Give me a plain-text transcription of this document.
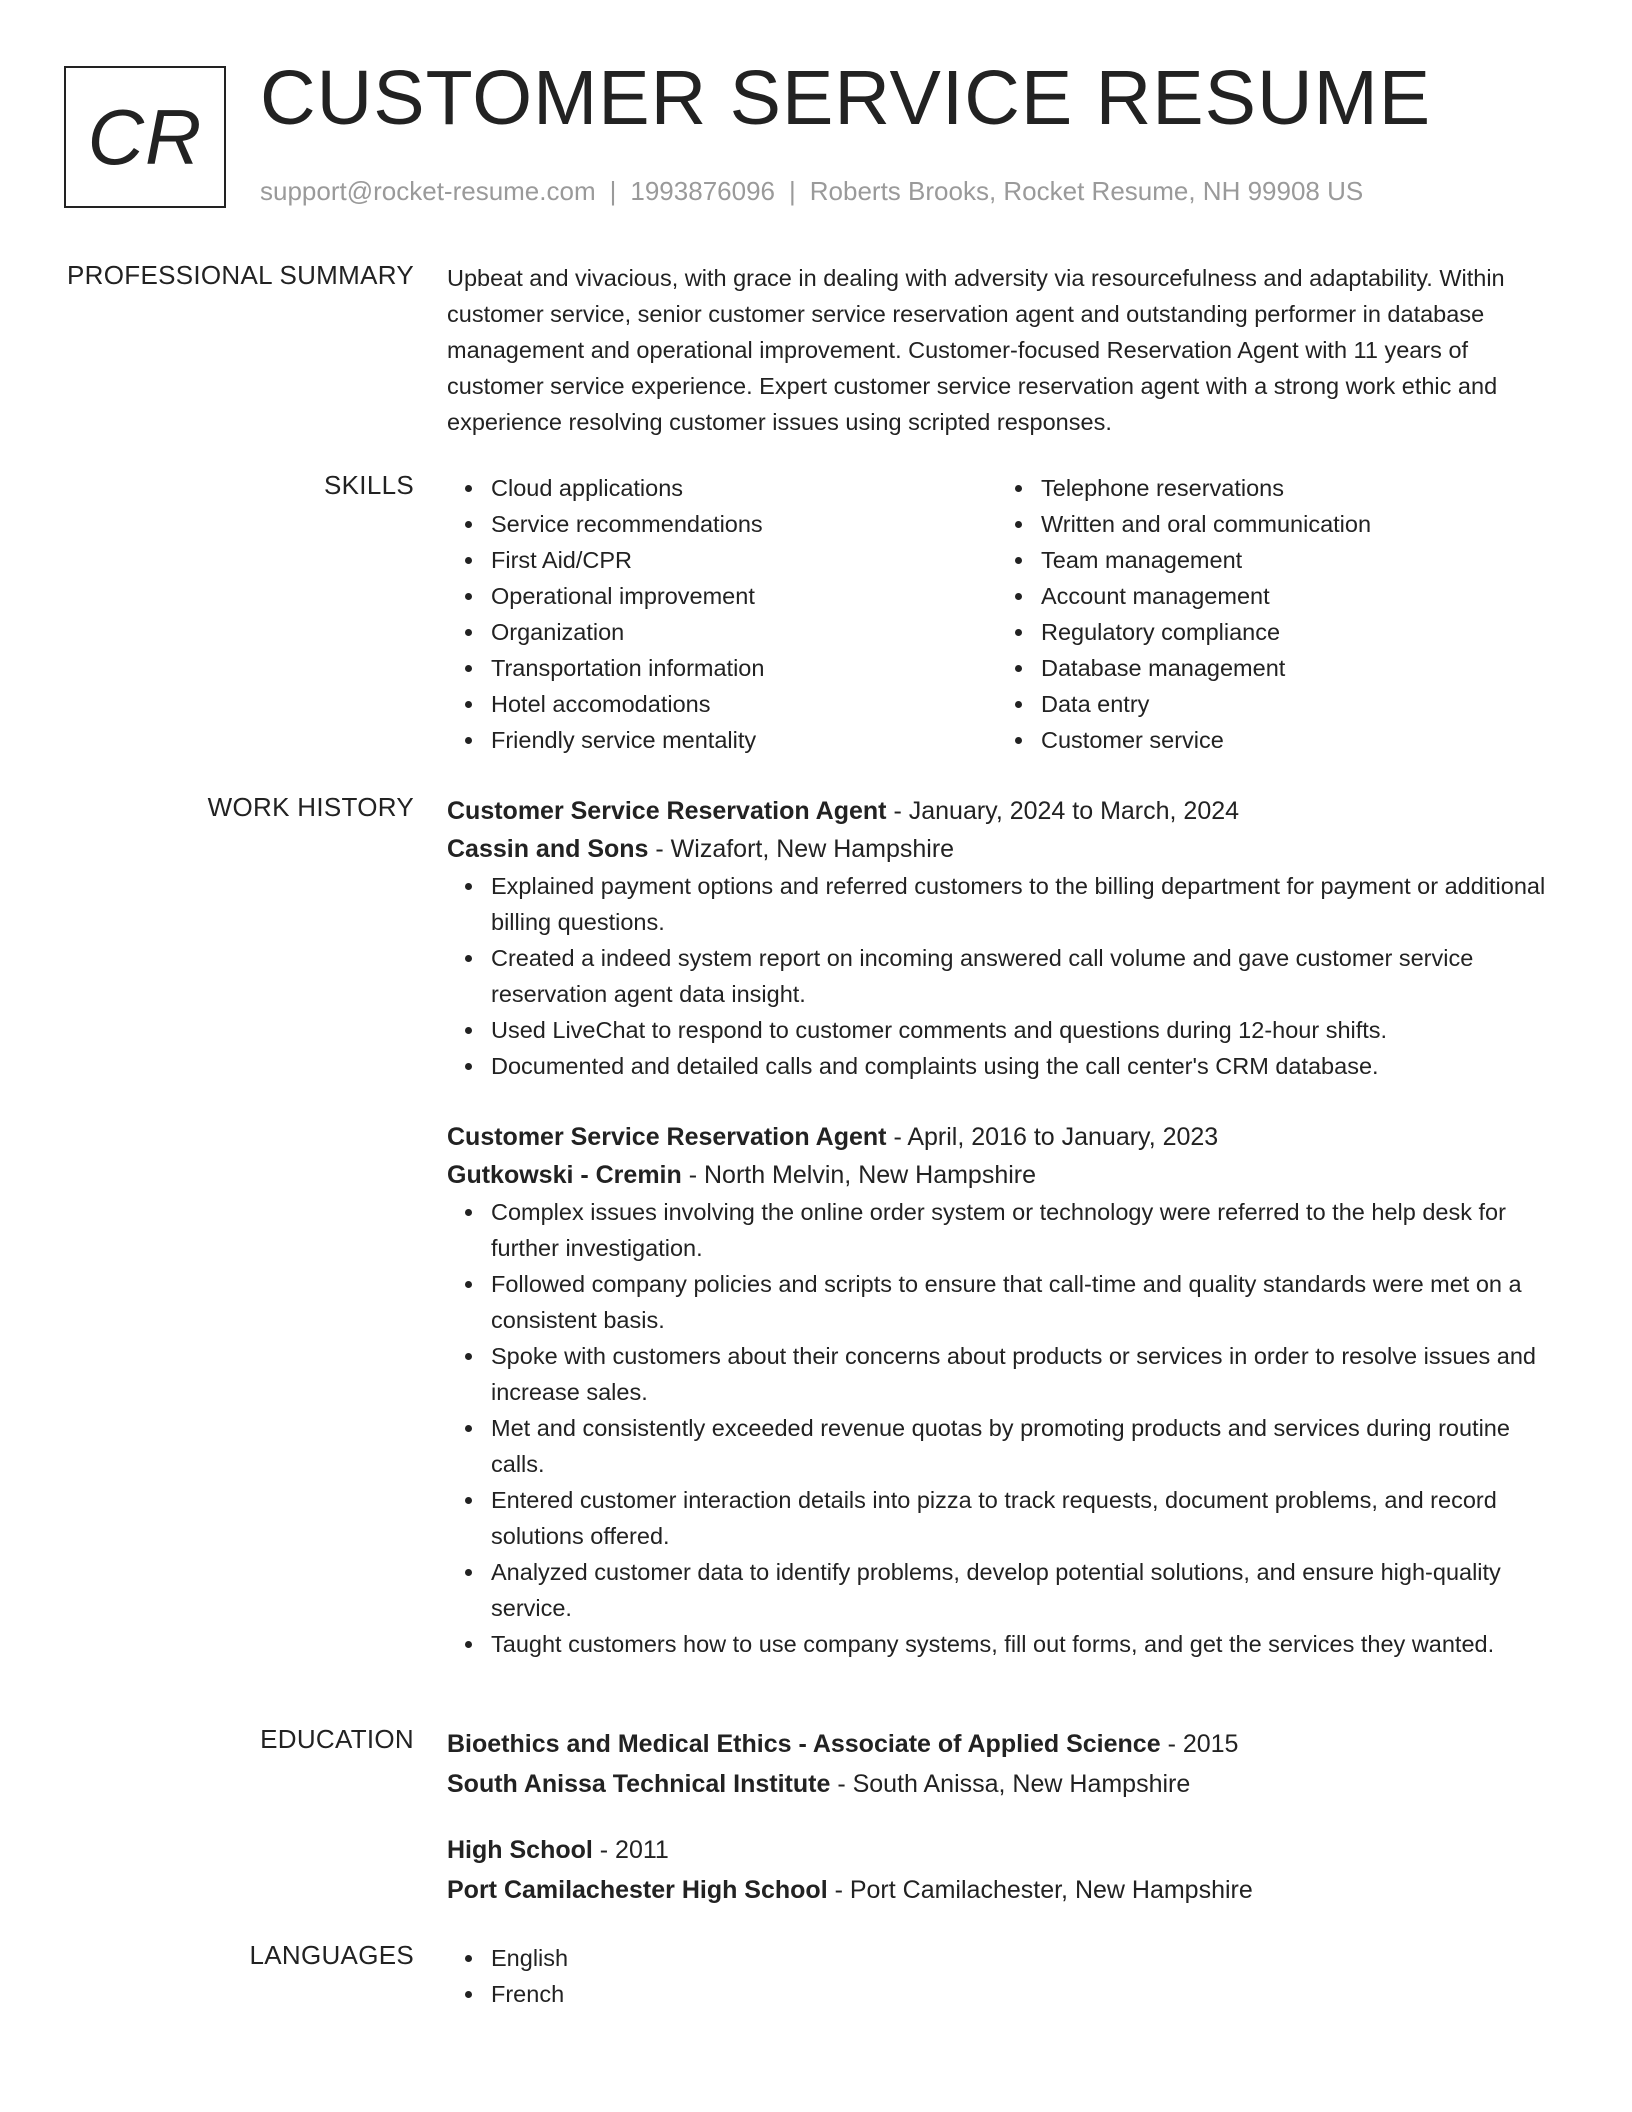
CR CUSTOMER SERVICE RESUME
support@rocket-resume.com | 1993876096 | Roberts Brooks, Rocket Resume, NH 99908 US
PROFESSIONAL SUMMARY Upbeat and vivacious, with grace in dealing with adversity via resourcefulness and adaptability. Within customer service, senior customer service reservation agent and outstanding performer in database management and operational improvement. Customer-focused Reservation Agent with 11 years of customer service experience. Expert customer service reservation agent with a strong work ethic and experience resolving customer issues using scripted responses.

SKILLS	Cloud applications
Service recommendations
First Aid/CPR
Operational improvement
Organization
Transportation information
Hotel accomodations
Friendly service mentality
Telephone reservations
Written and oral communication
Team management
Account management
Regulatory compliance
Database management
Data entry
Customer service
WORK HISTORY Customer Service Reservation Agent - January, 2024 to March, 2024
Cassin and Sons - Wizafort, New Hampshire
Explained payment options and referred customers to the billing department for payment or additional billing questions.
Created a indeed system report on incoming answered call volume and gave customer service reservation agent data insight.
Used LiveChat to respond to customer comments and questions during 12-hour shifts.
Documented and detailed calls and complaints using the call center's CRM database.
Customer Service Reservation Agent - April, 2016 to January, 2023
Gutkowski - Cremin - North Melvin, New Hampshire
Complex issues involving the online order system or technology were referred to the help desk for further investigation.
Followed company policies and scripts to ensure that call-time and quality standards were met on a consistent basis.
Spoke with customers about their concerns about products or services in order to resolve issues and increase sales.
Met and consistently exceeded revenue quotas by promoting products and services during routine calls.
Entered customer interaction details into pizza to track requests, document problems, and record solutions offered.
Analyzed customer data to identify problems, develop potential solutions, and ensure high-quality service.
Taught customers how to use company systems, fill out forms, and get the services they wanted.
EDUCATION Bioethics and Medical Ethics - Associate of Applied Science - 2015
South Anissa Technical Institute - South Anissa, New Hampshire
High School - 2011
Port Camilachester High School - Port Camilachester, New Hampshire
LANGUAGES	English
French
